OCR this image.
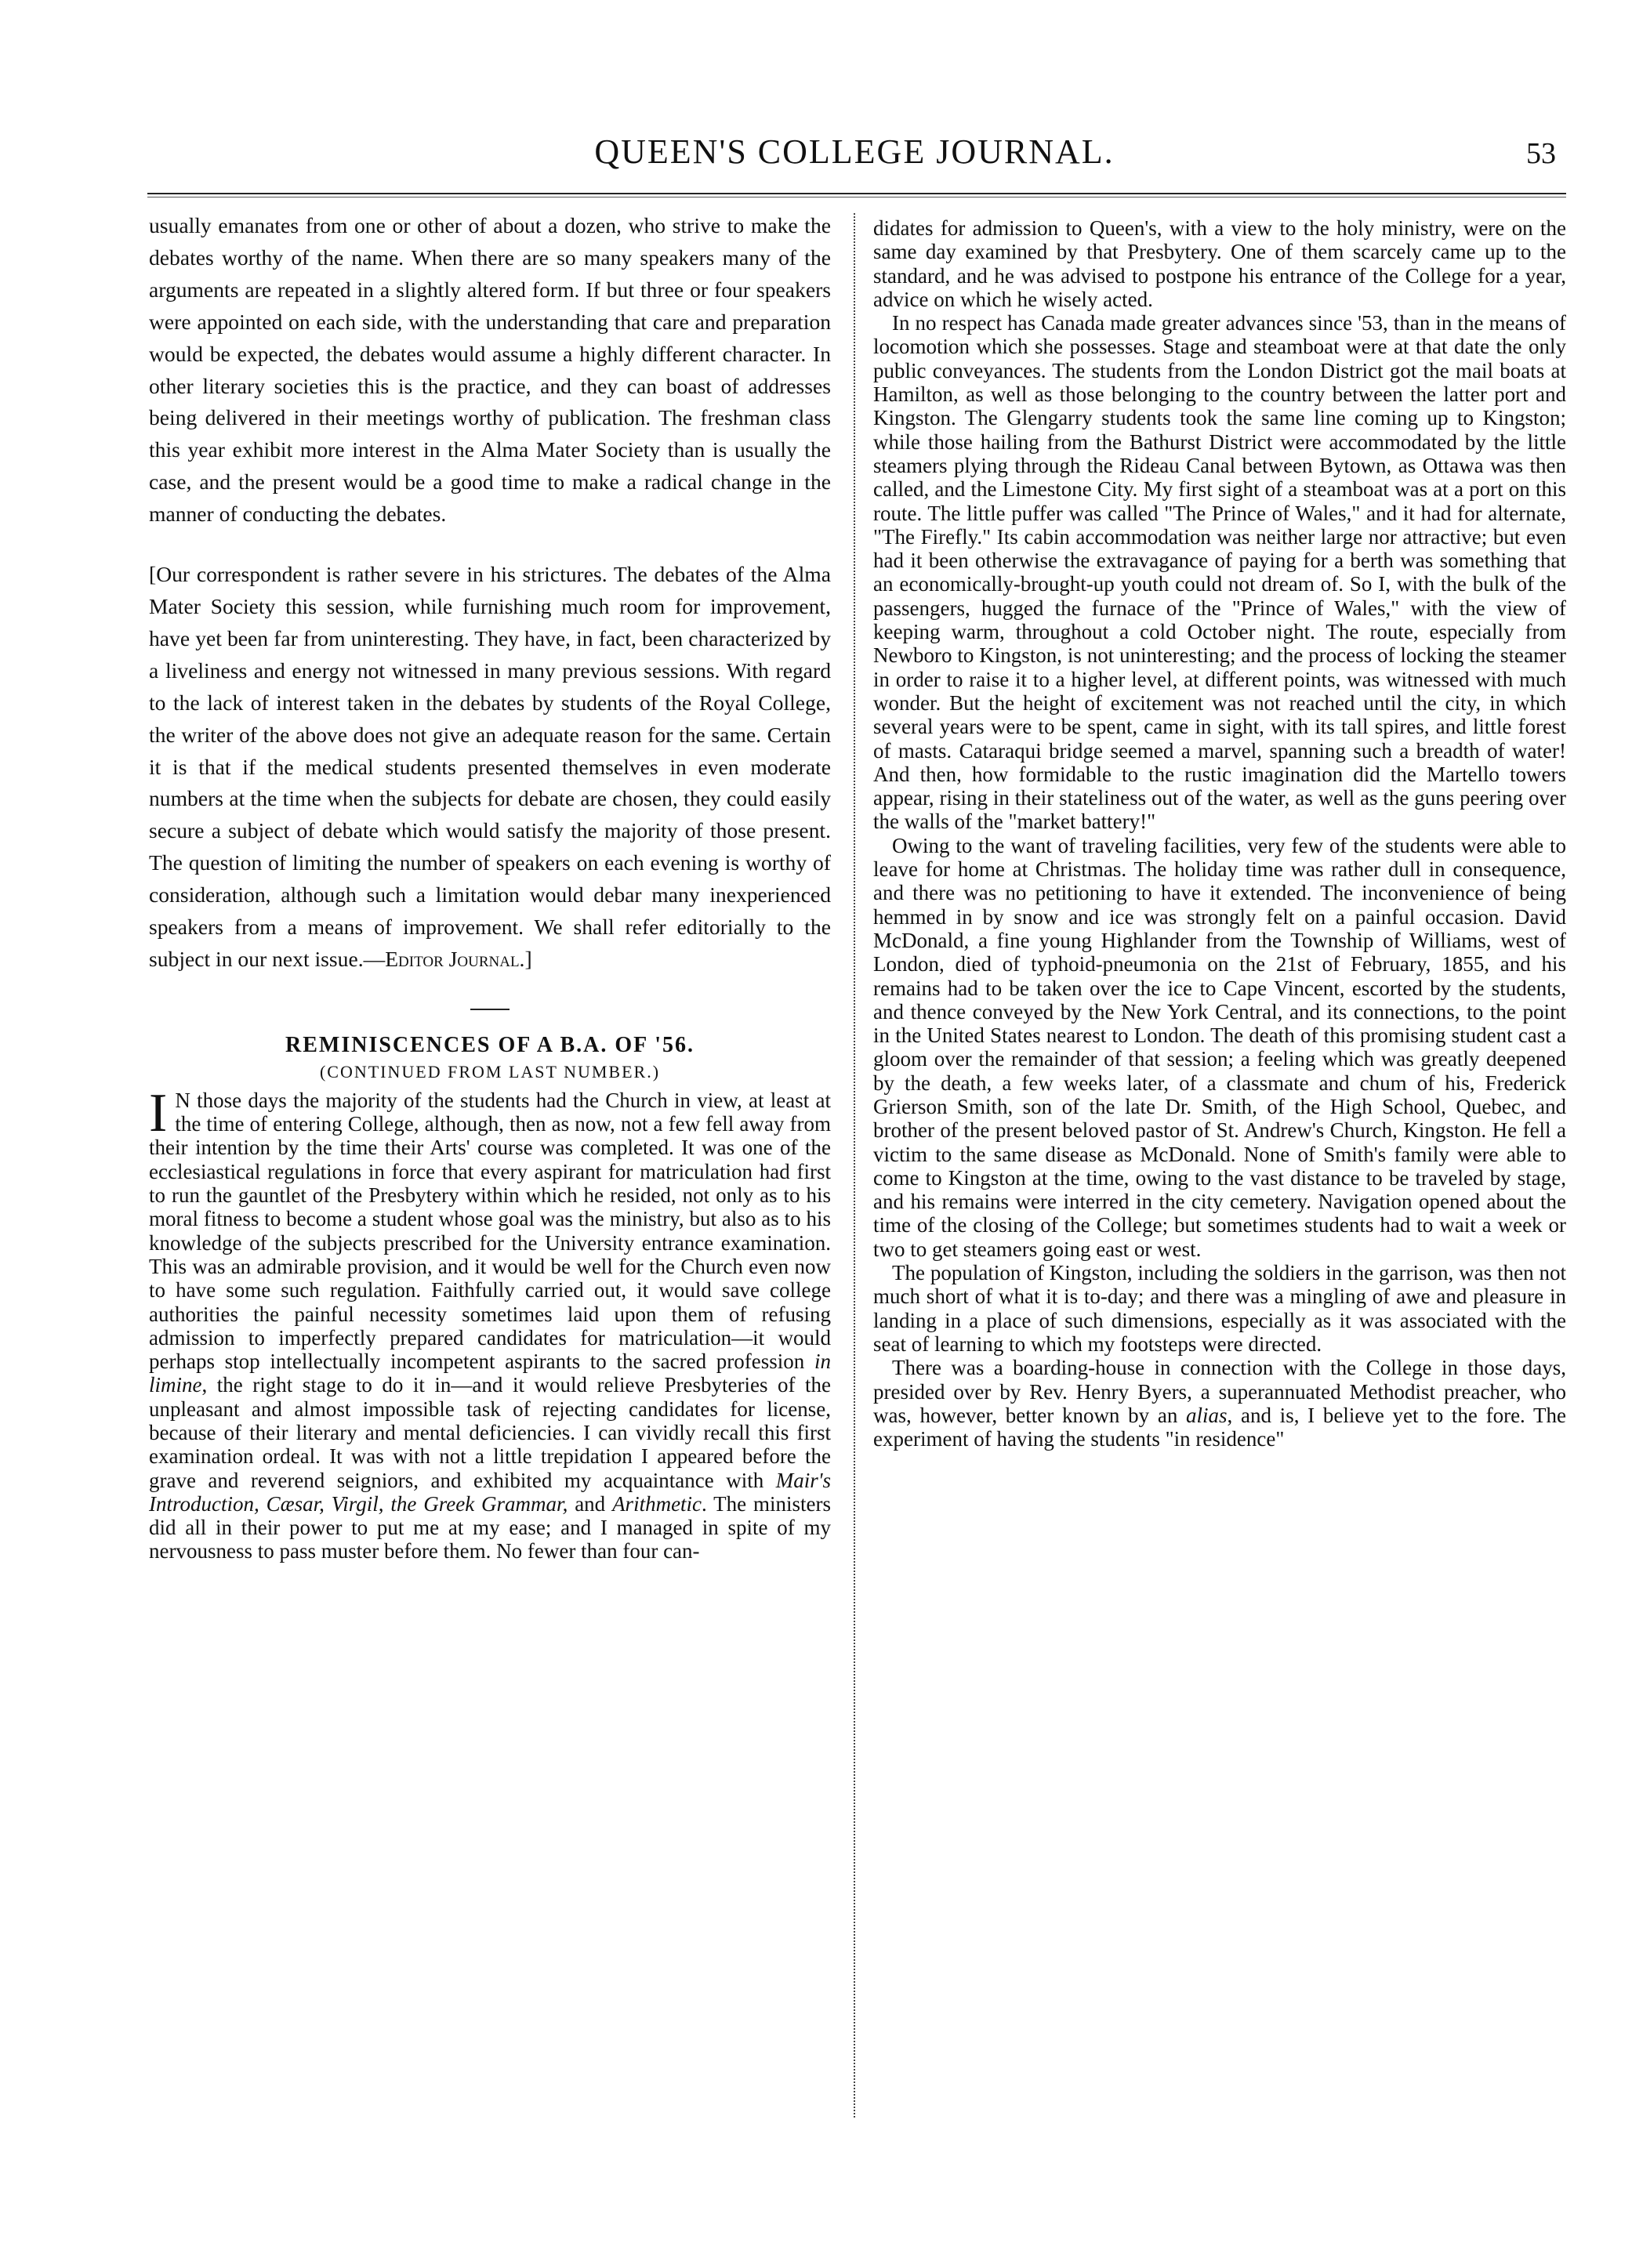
QUEEN'S COLLEGE JOURNAL.	53

usually emanates from one or other of about a dozen, who strive to make the debates worthy of the name. When there are so many speakers many of the arguments are repeated in a slightly altered form. If but three or four speakers were appointed on each side, with the understanding that care and preparation would be expected, the debates would assume a highly different character. In other literary societies this is the practice, and they can boast of addresses being delivered in their meetings worthy of publication. The freshman class this year exhibit more interest in the Alma Mater Society than is usually the case, and the present would be a good time to make a radical change in the manner of conducting the debates.

[Our correspondent is rather severe in his strictures. The debates of the Alma Mater Society this session, while furnishing much room for improvement, have yet been far from uninteresting. They have, in fact, been characterized by a liveliness and energy not witnessed in many previous sessions. With regard to the lack of interest taken in the debates by students of the Royal College, the writer of the above does not give an adequate reason for the same. Certain it is that if the medical students presented themselves in even moderate numbers at the time when the subjects for debate are chosen, they could easily secure a subject of debate which would satisfy the majority of those present. The question of limiting the number of speakers on each evening is worthy of consideration, although such a limitation would debar many inexperienced speakers from a means of improvement. We shall refer editorially to the subject in our next issue.—Editor Journal.]

REMINISCENCES OF A B.A. OF '56.
(CONTINUED FROM LAST NUMBER.)
I N those days the majority of the students had the Church in view, at least at the time of entering College, although, then as now, not a few fell away from their intention by the time their Arts' course was completed. It was one of the ecclesiastical regulations in force that every aspirant for matriculation had first to run the gauntlet of the Presbytery within which he resided, not only as to his moral fitness to become a student whose goal was the ministry, but also as to his knowledge of the subjects prescribed for the University entrance examination. This was an admirable provision, and it would be well for the Church even now to have some such regulation. Faithfully carried out, it would save college authorities the painful necessity sometimes laid upon them of refusing admission to imperfectly prepared candidates for matriculation—it would perhaps stop intellectually incompetent aspirants to the sacred profession in limine, the right stage to do it in—and it would relieve Presbyteries of the unpleasant and almost impossible task of rejecting candidates for license, because of their literary and mental deficiencies. I can vividly recall this first examination ordeal. It was with not a little trepidation I appeared before the grave and reverend seigniors, and exhibited my acquaintance with Mair's Introduction, Cæsar, Virgil, the Greek Grammar, and Arithmetic. The ministers did all in their power to put me at my ease; and I managed in spite of my nervousness to pass muster before them. No fewer than four can-

didates for admission to Queen's, with a view to the holy ministry, were on the same day examined by that Presbytery. One of them scarcely came up to the standard, and he was advised to postpone his entrance of the College for a year, advice on which he wisely acted.

In no respect has Canada made greater advances since '53, than in the means of locomotion which she possesses. Stage and steamboat were at that date the only public conveyances. The students from the London District got the mail boats at Hamilton, as well as those belonging to the country between the latter port and Kingston. The Glengarry students took the same line coming up to Kingston; while those hailing from the Bathurst District were accommodated by the little steamers plying through the Rideau Canal between Bytown, as Ottawa was then called, and the Limestone City. My first sight of a steamboat was at a port on this route. The little puffer was called "The Prince of Wales," and it had for alternate, "The Firefly." Its cabin accommodation was neither large nor attractive; but even had it been otherwise the extravagance of paying for a berth was something that an economically-brought-up youth could not dream of. So I, with the bulk of the passengers, hugged the furnace of the "Prince of Wales," with the view of keeping warm, throughout a cold October night. The route, especially from Newboro to Kingston, is not uninteresting; and the process of locking the steamer in order to raise it to a higher level, at different points, was witnessed with much wonder. But the height of excitement was not reached until the city, in which several years were to be spent, came in sight, with its tall spires, and little forest of masts. Cataraqui bridge seemed a marvel, spanning such a breadth of water! And then, how formidable to the rustic imagination did the Martello towers appear, rising in their stateliness out of the water, as well as the guns peering over the walls of the "market battery!"

Owing to the want of traveling facilities, very few of the students were able to leave for home at Christmas. The holiday time was rather dull in consequence, and there was no petitioning to have it extended. The inconvenience of being hemmed in by snow and ice was strongly felt on a painful occasion. David McDonald, a fine young Highlander from the Township of Williams, west of London, died of typhoid-pneumonia on the 21st of February, 1855, and his remains had to be taken over the ice to Cape Vincent, escorted by the students, and thence conveyed by the New York Central, and its connections, to the point in the United States nearest to London. The death of this promising student cast a gloom over the remainder of that session; a feeling which was greatly deepened by the death, a few weeks later, of a classmate and chum of his, Frederick Grierson Smith, son of the late Dr. Smith, of the High School, Quebec, and brother of the present beloved pastor of St. Andrew's Church, Kingston. He fell a victim to the same disease as McDonald. None of Smith's family were able to come to Kingston at the time, owing to the vast distance to be traveled by stage, and his remains were interred in the city cemetery. Navigation opened about the time of the closing of the College; but sometimes students had to wait a week or two to get steamers going east or west.

The population of Kingston, including the soldiers in the garrison, was then not much short of what it is to-day; and there was a mingling of awe and pleasure in landing in a place of such dimensions, especially as it was associated with the seat of learning to which my footsteps were directed.

There was a boarding-house in connection with the College in those days, presided over by Rev. Henry Byers, a superannuated Methodist preacher, who was, however, better known by an alias, and is, I believe yet to the fore. The experiment of having the students "in residence"
